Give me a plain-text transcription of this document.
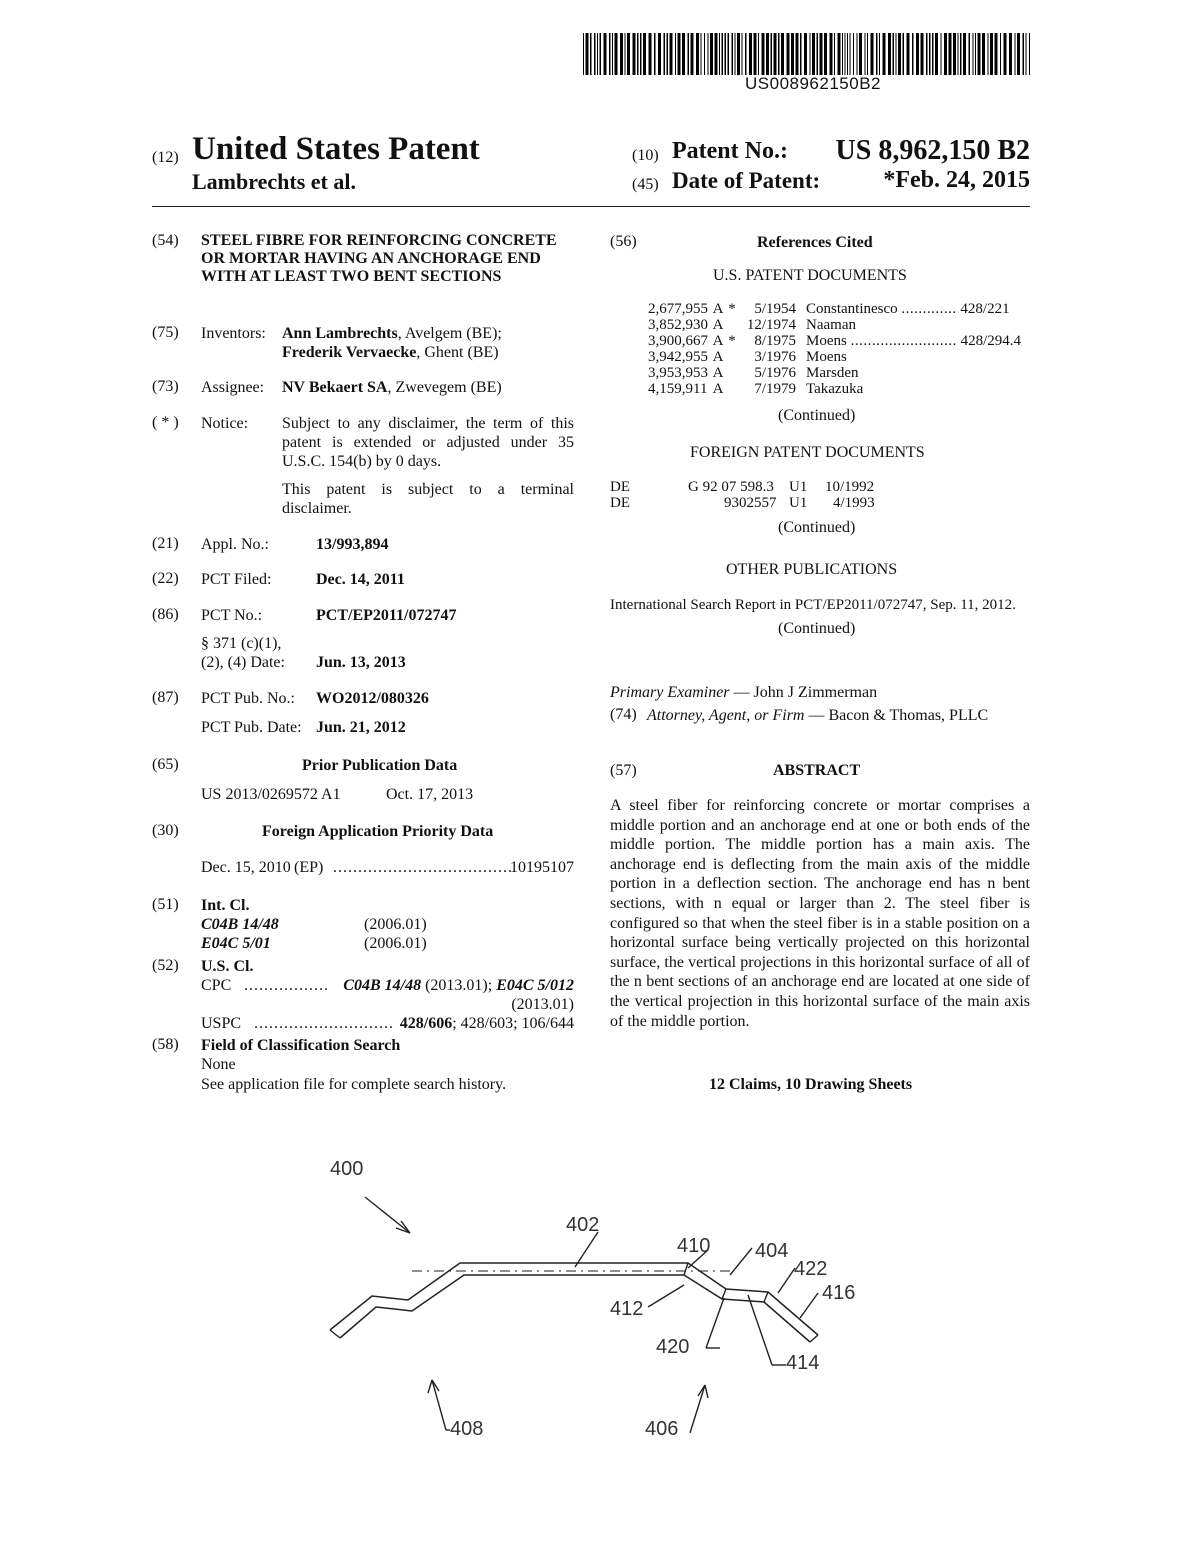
US008962150B2
(12) United States Patent
Lambrechts et al.
(10) Patent No.: US 8,962,150 B2
(45) Date of Patent:	*Feb. 24, 2015
(54) STEEL FIBRE FOR REINFORCING CONCRETE OR MORTAR HAVING AN ANCHORAGE END WITH AT LEAST TWO BENT SECTIONS
(75) Inventors: Ann Lambrechts, Avelgem (BE);
Frederik Vervaecke, Ghent (BE)
(73) Assignee: NV Bekaert SA, Zwevegem (BE)
( * ) Notice: Subject to any disclaimer, the term of this patent is extended or adjusted under 35 U.S.C. 154(b) by 0 days.
This patent is subject to a terminal disclaimer.
(21) Appl. No.:	13/993,894
(22) PCT Filed:	Dec. 14, 2011
(86) PCT No.:	PCT/EP2011/072747
§ 371 (c)(1),
(2), (4) Date: Jun. 13, 2013
(87) PCT Pub. No.: WO2012/080326
PCT Pub. Date: Jun. 21, 2012
(65)	Prior Publication Data
US 2013/0269572 A1	Oct. 17, 2013
(30)	Foreign Application Priority Data
Dec. 15, 2010 (EP) ....................................
10195107
(51) Int. Cl.
C04B 14/48	(2006.01)
E04C 5/01	(2006.01)
(52) U.S. Cl.
CPC ................. C04B 14/48 (2013.01); E04C 5/012
(2013.01)
USPC ............................ 428/606; 428/603; 106/644
(58) Field of Classification Search
None
See application file for complete search history.
(56)	References Cited
U.S. PATENT DOCUMENTS
2,677,955	A	*	5/1954	Constantinesco ............. 428/221
3,852,930	A		12/1974	Naaman
3,900,667	A	*	8/1975	Moens ......................... 428/294.4
3,942,955	A		3/1976	Moens
3,953,953	A		5/1976	Marsden
4,159,911	A		7/1979	Takazuka
(Continued)
FOREIGN PATENT DOCUMENTS
DE	G 92 07 598.3 U1 10/1992
DE	9302557 U1 4/1993
(Continued)
OTHER PUBLICATIONS
International Search Report in PCT/EP2011/072747, Sep. 11, 2012.
(Continued)
Primary Examiner — John J Zimmerman
(74) Attorney, Agent, or Firm — Bacon & Thomas, PLLC
(57)	ABSTRACT
A steel fiber for reinforcing concrete or mortar comprises a middle portion and an anchorage end at one or both ends of the middle portion. The middle portion has a main axis. The anchorage end is deflecting from the main axis of the middle portion in a deflection section. The anchorage end has n bent sections, with n equal or larger than 2. The steel fiber is configured so that when the steel fiber is in a stable position on a horizontal surface being vertically projected on this horizontal surface, the vertical projections in this horizontal surface of all of the n bent sections of an anchorage end are located at one side of the vertical projection in this horizontal surface of the main axis of the middle portion.
12 Claims, 10 Drawing Sheets
400
402
410 404
422
416
412
420
414
408	406
